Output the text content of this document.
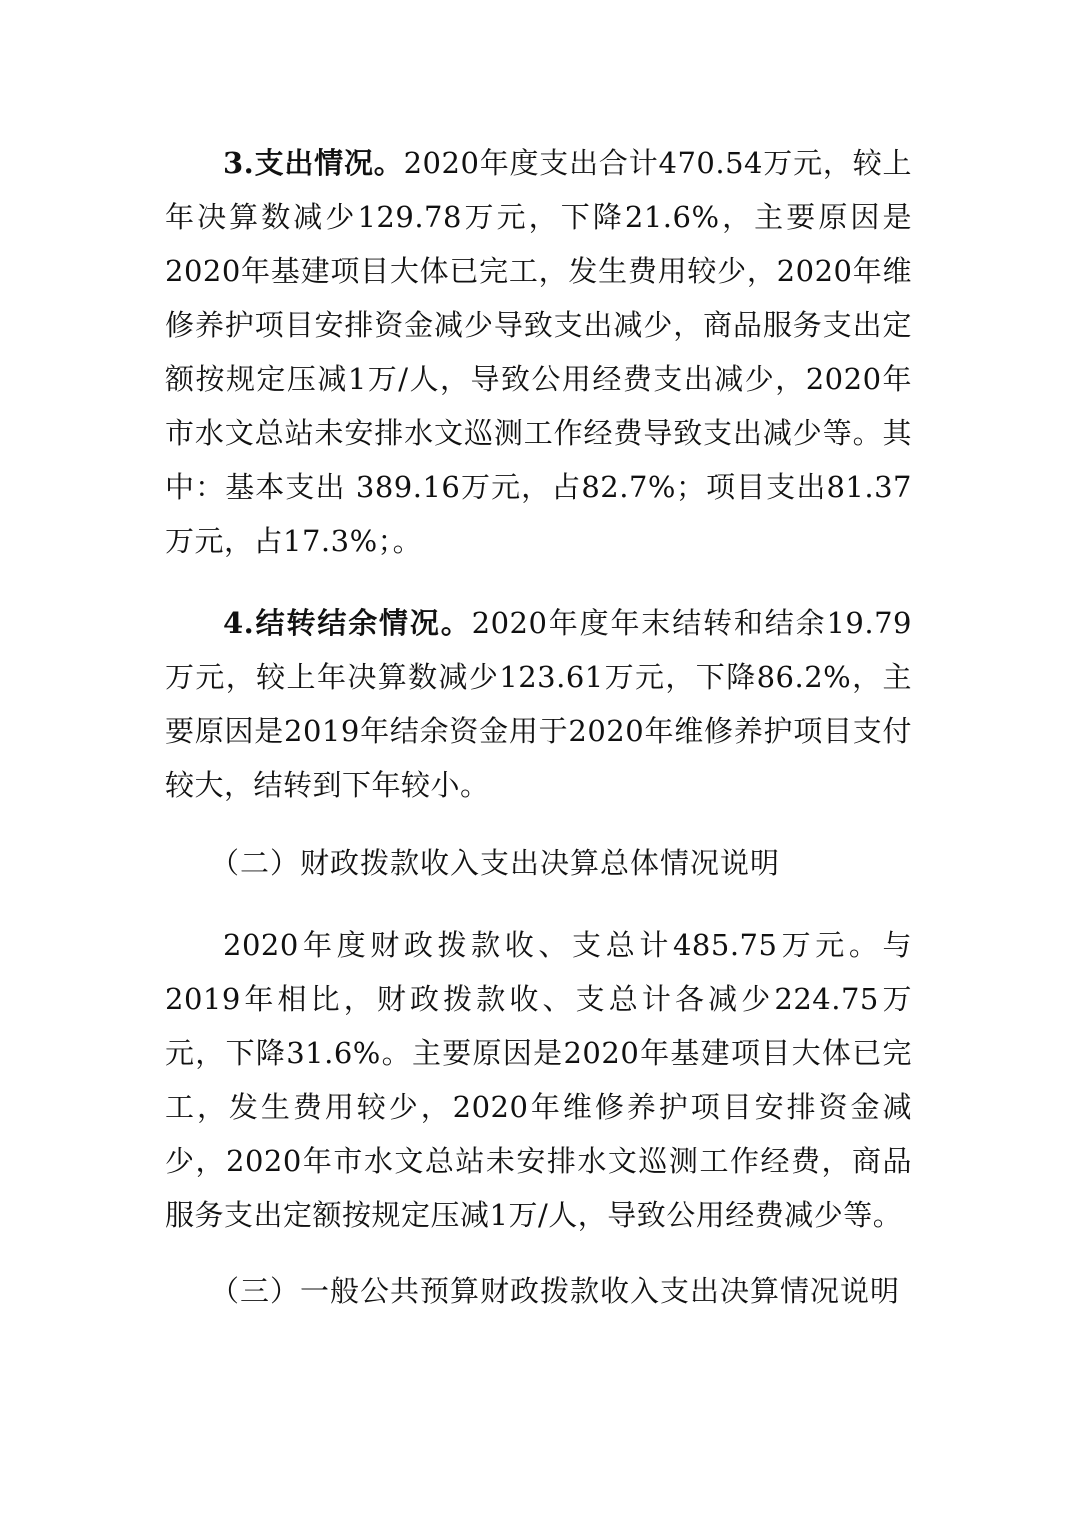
3.支出情况。2020年度支出合计470.54万元，较上年决算数减少129.78万元，下降21.6%，主要原因是2020年基建项目大体已完工，发生费用较少，2020年维修养护项目安排资金减少导致支出减少，商品服务支出定额按规定压减1万/人，导致公用经费支出减少，2020年市水文总站未安排水文巡测工作经费导致支出减少等。其中：基本支出 389.16万元，占82.7%；项目支出81.37万元，占17.3%；。

4.结转结余情况。2020年度年末结转和结余19.79万元，较上年决算数减少123.61万元，下降86.2%，主要原因是2019年结余资金用于2020年维修养护项目支付较大，结转到下年较小。

（二）财政拨款收入支出决算总体情况说明

2020年度财政拨款收、支总计485.75万元。与2019年相比，财政拨款收、支总计各减少224.75万 元，下降31.6%。主要原因是2020年基建项目大体已完工，发生费用较少，2020年维修养护项目安排资金减少，2020年市水文总站未安排水文巡测工作经费，商品服务支出定额按规定压减1万/人，导致公用经费减少等。

（三）一般公共预算财政拨款收入支出决算情况说明
